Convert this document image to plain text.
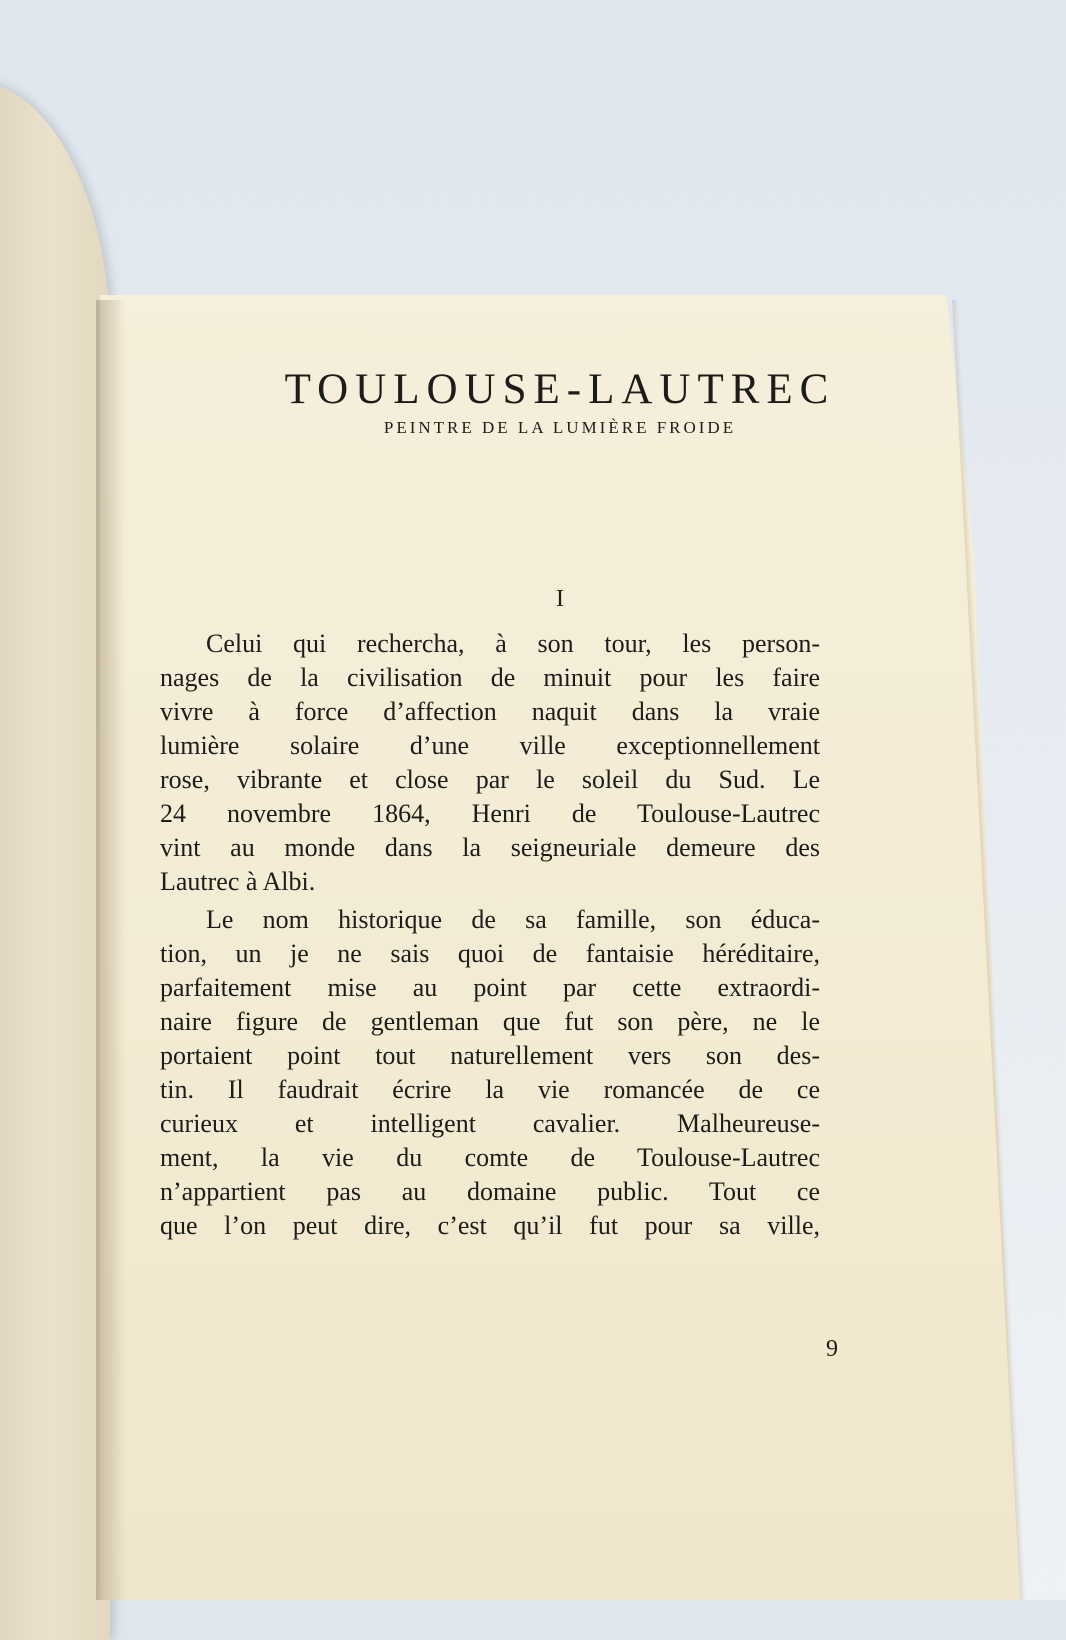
TOULOUSE-LAUTREC
PEINTRE DE LA LUMIÈRE FROIDE
I
Celui qui rechercha, à son tour, les person-
nages de la civilisation de minuit pour les faire
vivre à force d’affection naquit dans la vraie
lumière solaire d’une ville exceptionnellement
rose, vibrante et close par le soleil du Sud. Le
24 novembre 1864, Henri de Toulouse-Lautrec
vint au monde dans la seigneuriale demeure des
Lautrec à Albi.
Le nom historique de sa famille, son éduca-
tion, un je ne sais quoi de fantaisie héréditaire,
parfaitement mise au point par cette extraordi-
naire figure de gentleman que fut son père, ne le
portaient point tout naturellement vers son des-
tin. Il faudrait écrire la vie romancée de ce
curieux et intelligent cavalier. Malheureuse-
ment, la vie du comte de Toulouse-Lautrec
n’appartient pas au domaine public. Tout ce
que l’on peut dire, c’est qu’il fut pour sa ville,
9
